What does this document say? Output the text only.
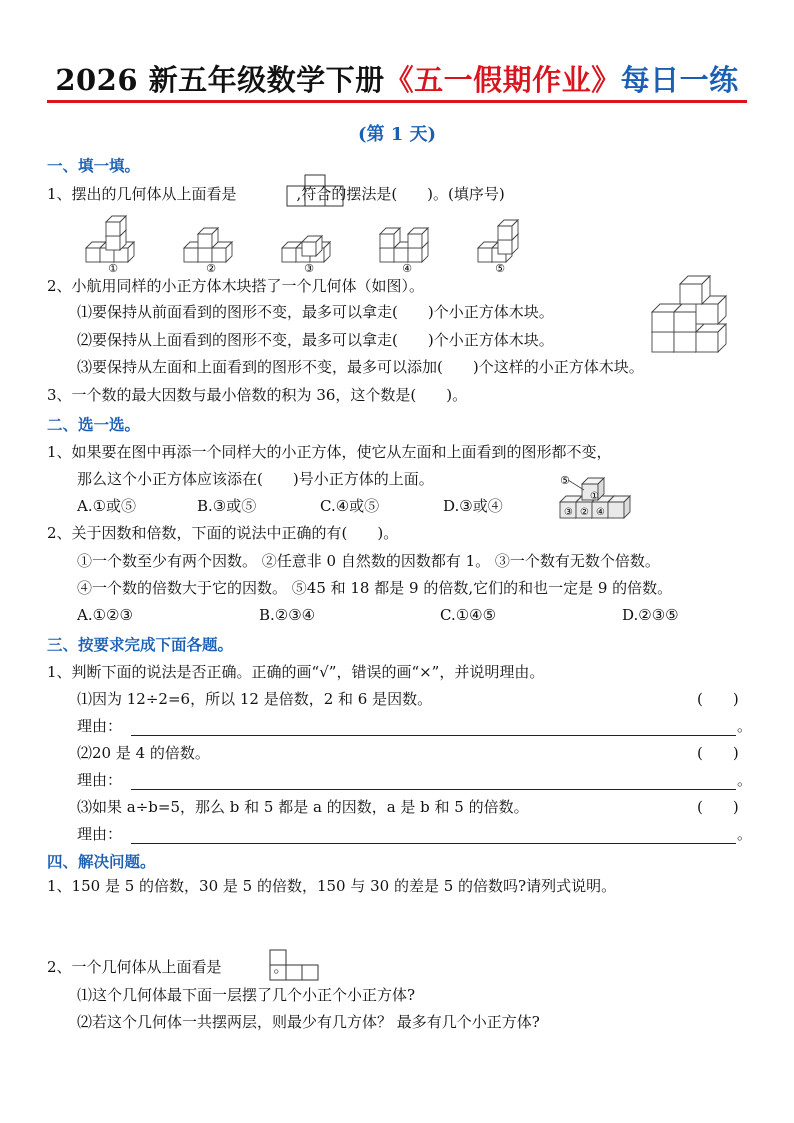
2026 新五年级数学下册《五一假期作业》每日一练
(第 1 天)
一、填一填。
1、摆出的几何体从上面看是	,符合的摆法是(　　)。(填序号)
①	②	③	④	⑤
2、小航用同样的小正方体木块搭了一个几何体（如图）。
⑴要保持从前面看到的图形不变，最多可以拿走(　　)个小正方体木块。
⑵要保持从上面看到的图形不变，最多可以拿走(　　)个小正方体木块。
⑶要保持从左面和上面看到的图形不变，最多可以添加(　　)个这样的小正方体木块。
3、一个数的最大因数与最小倍数的积为 36，这个数是(　　)。
二、选一选。
1、如果要在图中再添一个同样大的小正方体，使它从左面和上面看到的图形都不变，
那么这个小正方体应该添在(　　)号小正方体的上面。
A.①或⑤	B.③或⑤	C.④或⑤	D.③或④
⑤
①
③ ② ④
2、关于因数和倍数，下面的说法中正确的有(　　)。
①一个数至少有两个因数。 ②任意非 0 自然数的因数都有 1。 ③一个数有无数个倍数。
④一个数的倍数大于它的因数。 ⑤45 和 18 都是 9 的倍数,它们的和也一定是 9 的倍数。
A.①②③	B.②③④	C.①④⑤	D.②③⑤
三、按要求完成下面各题。
1、判断下面的说法是否正确。正确的画“√”，错误的画“×”，并说明理由。
⑴因为 12÷2=6，所以 12 是倍数，2 和 6 是因数。	(　　)
理由：	。
⑵20 是 4 的倍数。	(　　)
理由：	。
⑶如果 a÷b=5，那么 b 和 5 都是 a 的因数，a 是 b 和 5 的倍数。	(　　)
理由：	。
四、解决问题。
1、150 是 5 的倍数，30 是 5 的倍数，150 与 30 的差是 5 的倍数吗?请列式说明。
2、一个几何体从上面看是	。
⑴这个几何体最下面一层摆了几个小正个小正方体?
⑵若这个几何体一共摆两层，则最少有几方体？ 最多有几个小正方体?
